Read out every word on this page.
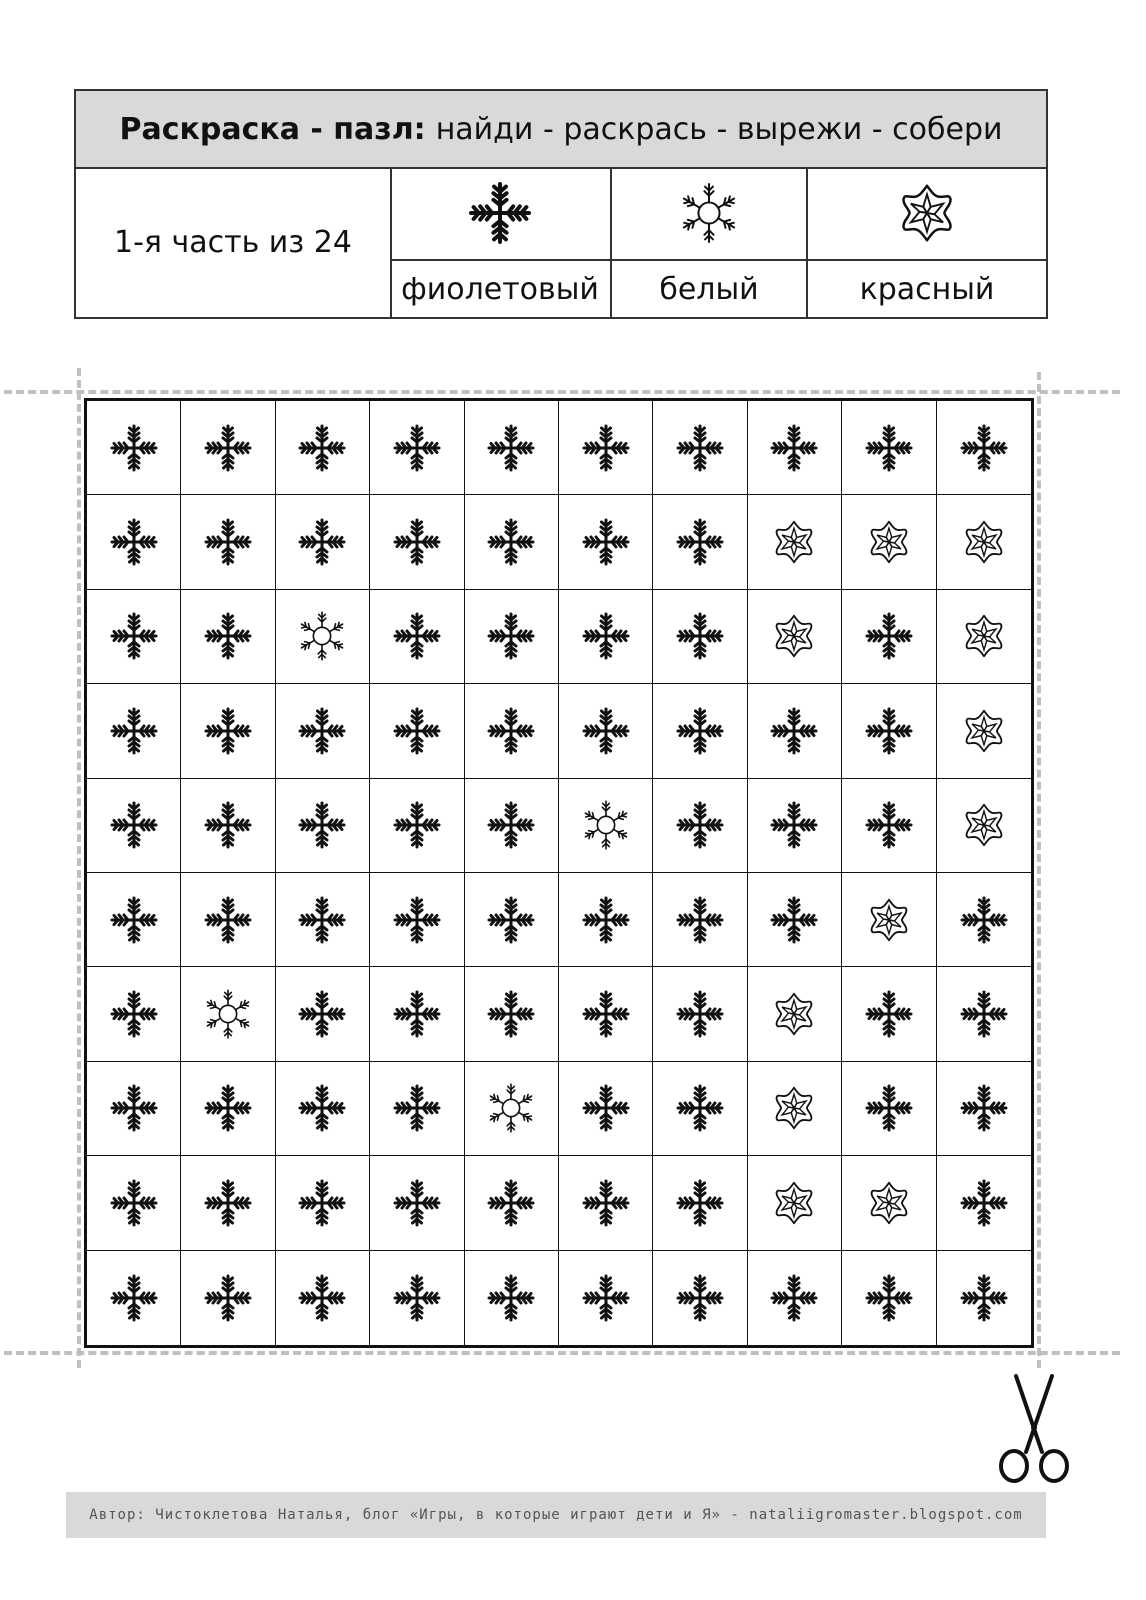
Раскраска - пазл: найди - раскрась - вырежи - собери
1-я часть из 24
фиолетовый	белый	красный
Автор: Чистоклетова Наталья, блог «Игры, в которые играют дети и Я» - nataliigromaster.blogspot.com
